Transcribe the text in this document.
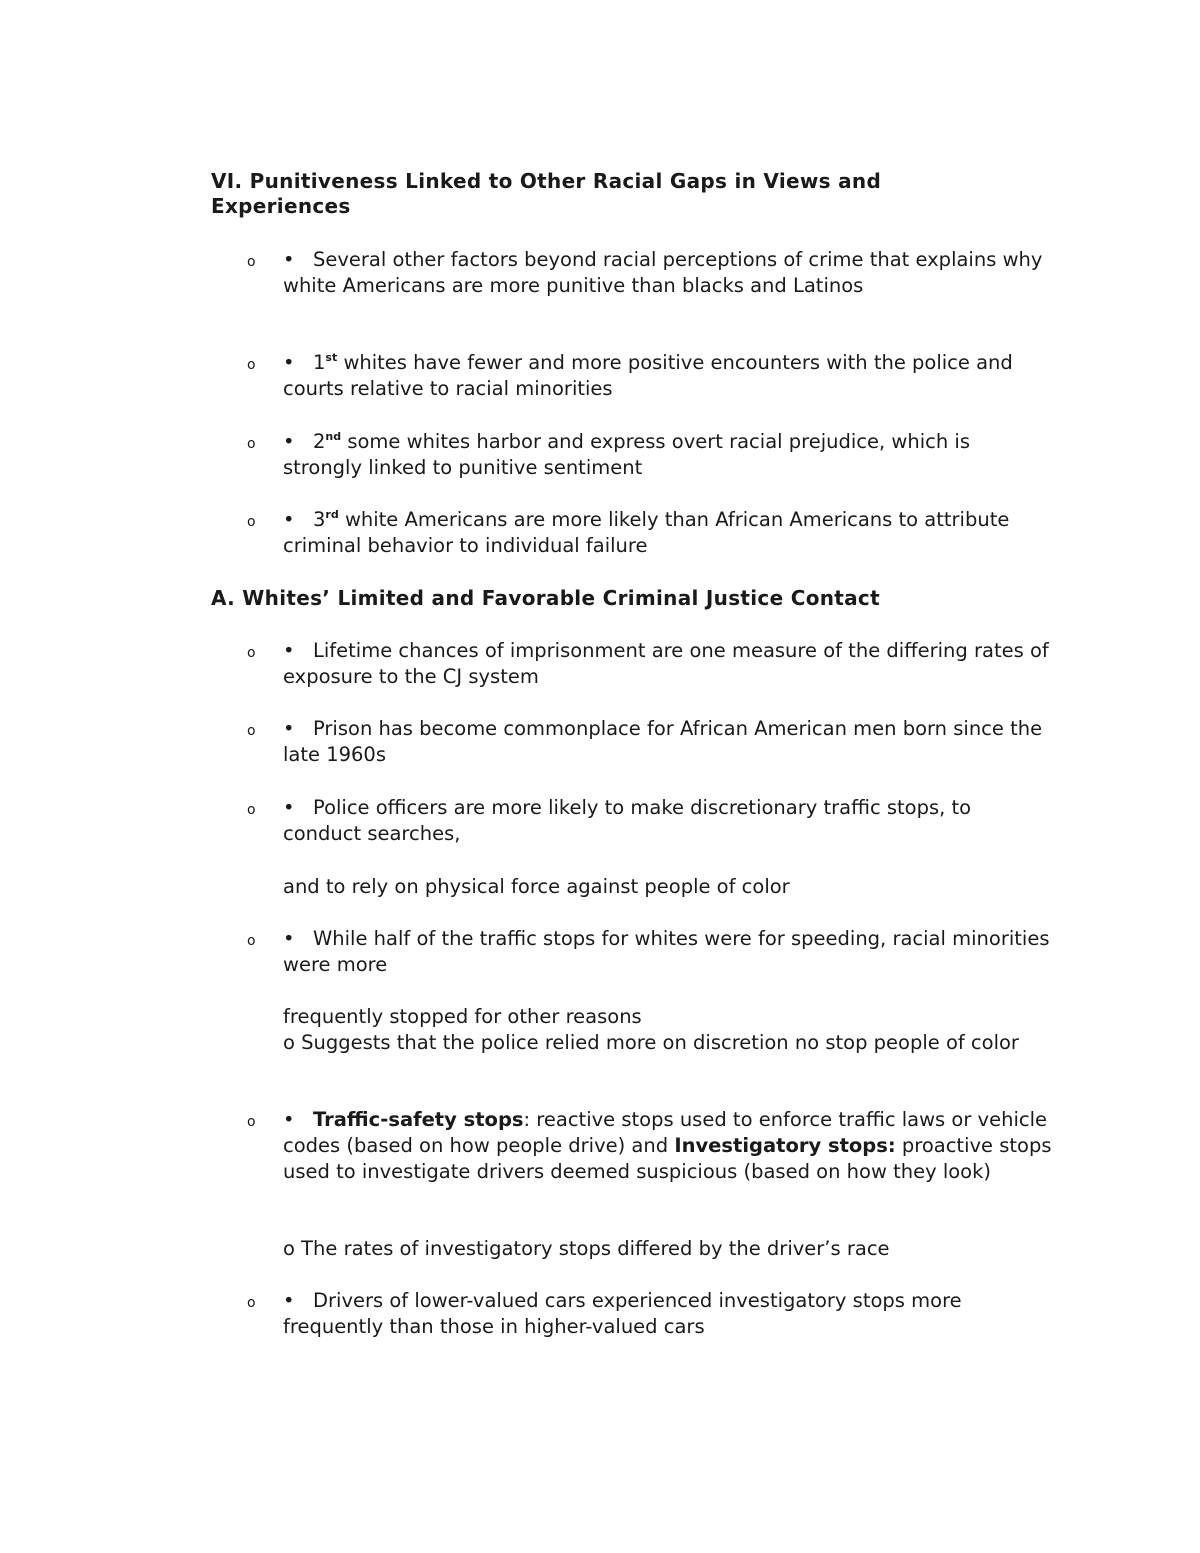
VI. Punitiveness Linked to Other Racial Gaps in Views and Experiences
o • Several other factors beyond racial perceptions of crime that explains why white Americans are more punitive than blacks and Latinos

o • 1st whites have fewer and more positive encounters with the police and courts relative to racial minorities

o • 2nd some whites harbor and express overt racial prejudice, which is strongly linked to punitive sentiment

o • 3rd white Americans are more likely than African Americans to attribute criminal behavior to individual failure

A. Whites’ Limited and Favorable Criminal Justice Contact
o • Lifetime chances of imprisonment are one measure of the differing rates of exposure to the CJ system

o • Prison has become commonplace for African American men born since the late 1960s

o • Police officers are more likely to make discretionary traffic stops, to conduct searches,

and to rely on physical force against people of color

o • While half of the traffic stops for whites were for speeding, racial minorities were more

frequently stopped for other reasons

o Suggests that the police relied more on discretion no stop people of color

o • Traffic-safety stops: reactive stops used to enforce traffic laws or vehicle codes (based on how people drive) and Investigatory stops: proactive stops used to investigate drivers deemed suspicious (based on how they look)

o The rates of investigatory stops differed by the driver’s race

o • Drivers of lower-valued cars experienced investigatory stops more frequently than those in higher-valued cars
